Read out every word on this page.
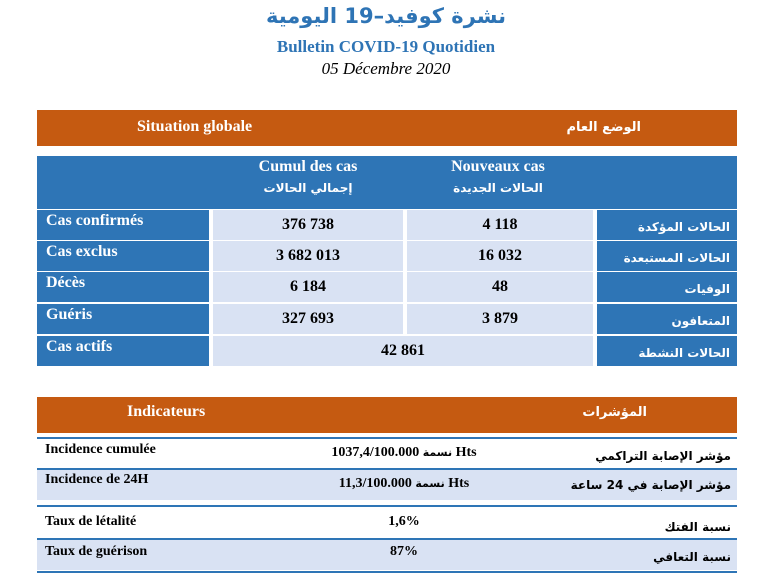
نشرة كوفيد–19 اليومية
Bulletin COVID-19 Quotidien
05 Décembre 2020
Situation globale	الوضع العام
Cumul des cas
إجمالي الحالات
Nouveaux cas
الحالات الجديدة
Cas confirmés	376 738	4 118	الحالات المؤكدة
Cas exclus	3 682 013	16 032	الحالات المستبعدة
Décès	6 184	48	الوفيات
Guéris	327 693	3 879	المتعافون
Cas actifs	42 861	الحالات النشطة
Indicateurs	المؤشرات
Incidence cumulée	نسمة 1037,4/100.000 Hts	مؤشر الإصابة التراكمي
Incidence de 24H	نسمة 11,3/100.000 Hts	مؤشر الإصابة في 24 ساعة
Taux de létalité	1,6%	نسبة الفتك
Taux de guérison	87%	نسبة التعافي
